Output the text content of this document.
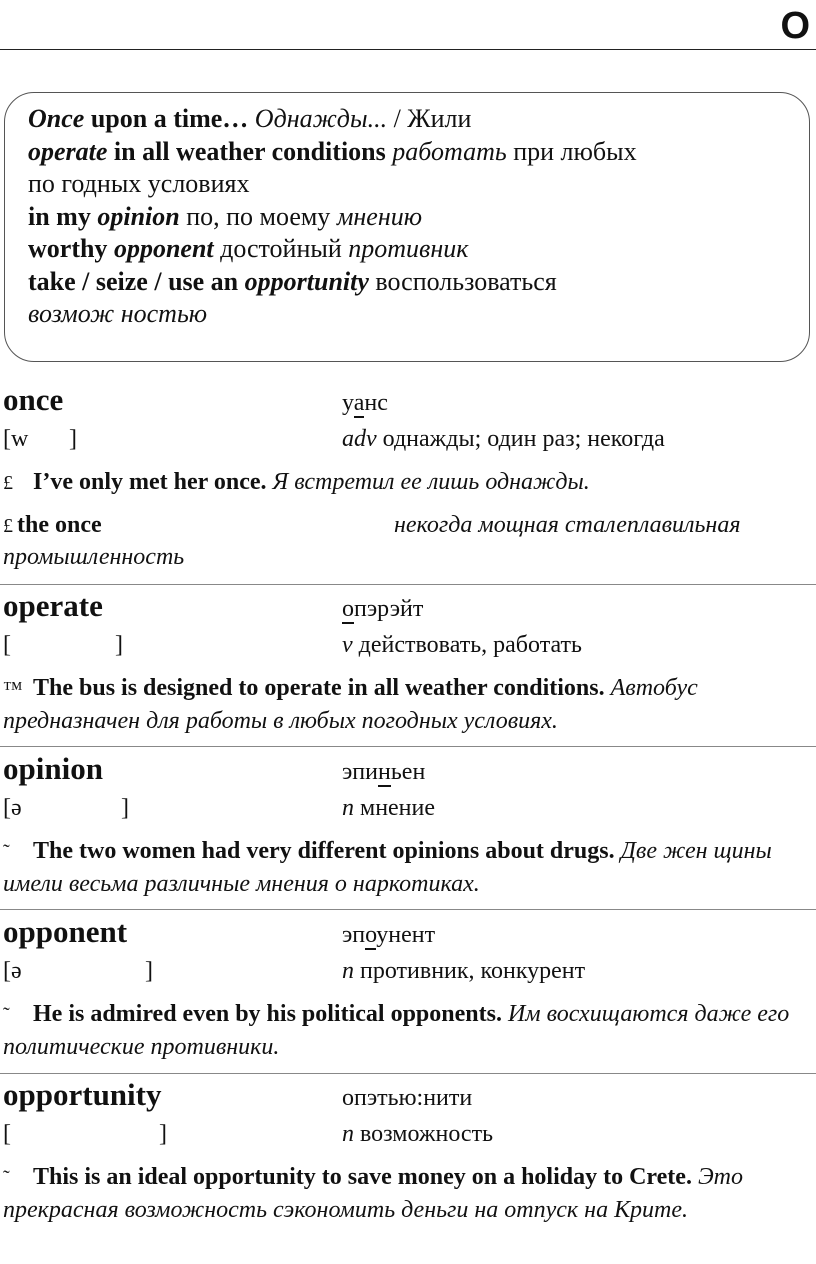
O

Once upon a time… Однажды... / Жили

operate in all weather conditions работать при любых

по годных условиях

in my opinion по, по моему мнению

worthy opponent достойный противник

take / seize / use an opportunity воспользоваться

возмож ностью

once	уанс
[w ]	adv однажды; один раз; некогда
£ I’ve only met her once. Я встретил ее лишь однажды.
£ the once	некогда мощная сталеплавильная
промышленность
operate	опэрэйт
[	]	v действовать, работать
™ The bus is designed to operate in all weather conditions. Автобус предназначен для работы в любых погодных условиях.
opinion	эпиньен
[ə	]	n мнение
˜ The two women had very different opinions about drugs. Две жен щины имели весьма различные мнения о наркотиках.
opponent	эпоунент
[ə	]	n противник, конкурент
˜ He is admired even by his political opponents. Им восхищаются даже его политические противники.
opportunity	опэтью:нити
[	]	n возможность
˜ This is an ideal opportunity to save money on a holiday to Crete. Это прекрасная возможность сэкономить деньги на отпуск на Крите.
